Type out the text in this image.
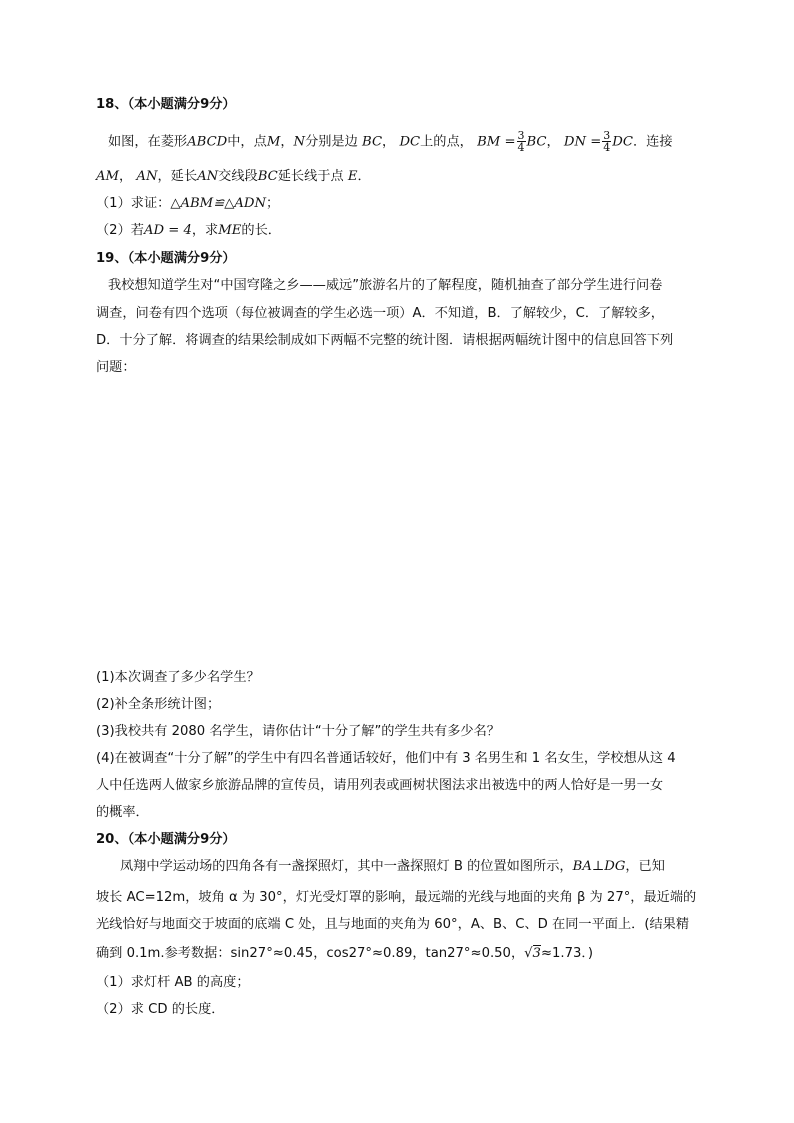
18、（本小题满分9分）
如图，在菱形ABCD中，点M，N分别是边 BC， DC上的点， BM = $\frac{3}{4}$ BC， DN = $\frac{3}{4}$ DC．连接
AM， AN，延长AN交线段BC延长线于点 E．
（1）求证：△ABM≌△ADN；
（2）若AD = 4，求ME的长．
19、（本小题满分9分）
我校想知道学生对“中国穹隆之乡——威远”旅游名片的了解程度，随机抽查了部分学生进行问卷
调查，问卷有四个选项（每位被调查的学生必选一项）A．不知道，B．了解较少，C．了解较多，
D．十分了解．将调查的结果绘制成如下两幅不完整的统计图．请根据两幅统计图中的信息回答下列
问题：
(1)本次调查了多少名学生？
(2)补全条形统计图；
(3)我校共有 2080 名学生，请你估计“十分了解”的学生共有多少名？
(4)在被调查“十分了解”的学生中有四名普通话较好，他们中有 3 名男生和 1 名女生，学校想从这 4
人中任选两人做家乡旅游品牌的宣传员，请用列表或画树状图法求出被选中的两人恰好是一男一女
的概率．
20、（本小题满分9分）
凤翔中学运动场的四角各有一盏探照灯，其中一盏探照灯 B 的位置如图所示，BA⊥DG，已知
坡长 AC=12m，坡角 α 为 30°，灯光受灯罩的影响，最远端的光线与地面的夹角 β 为 27°，最近端的
光线恰好与地面交于坡面的底端 C 处，且与地面的夹角为 60°，A、B、C、D 在同一平面上．(结果精
确到 0.1m.参考数据：sin27°≈0.45，cos27°≈0.89，tan27°≈0.50，√3≈1.73．)
（1）求灯杆 AB 的高度；
（2）求 CD 的长度．
